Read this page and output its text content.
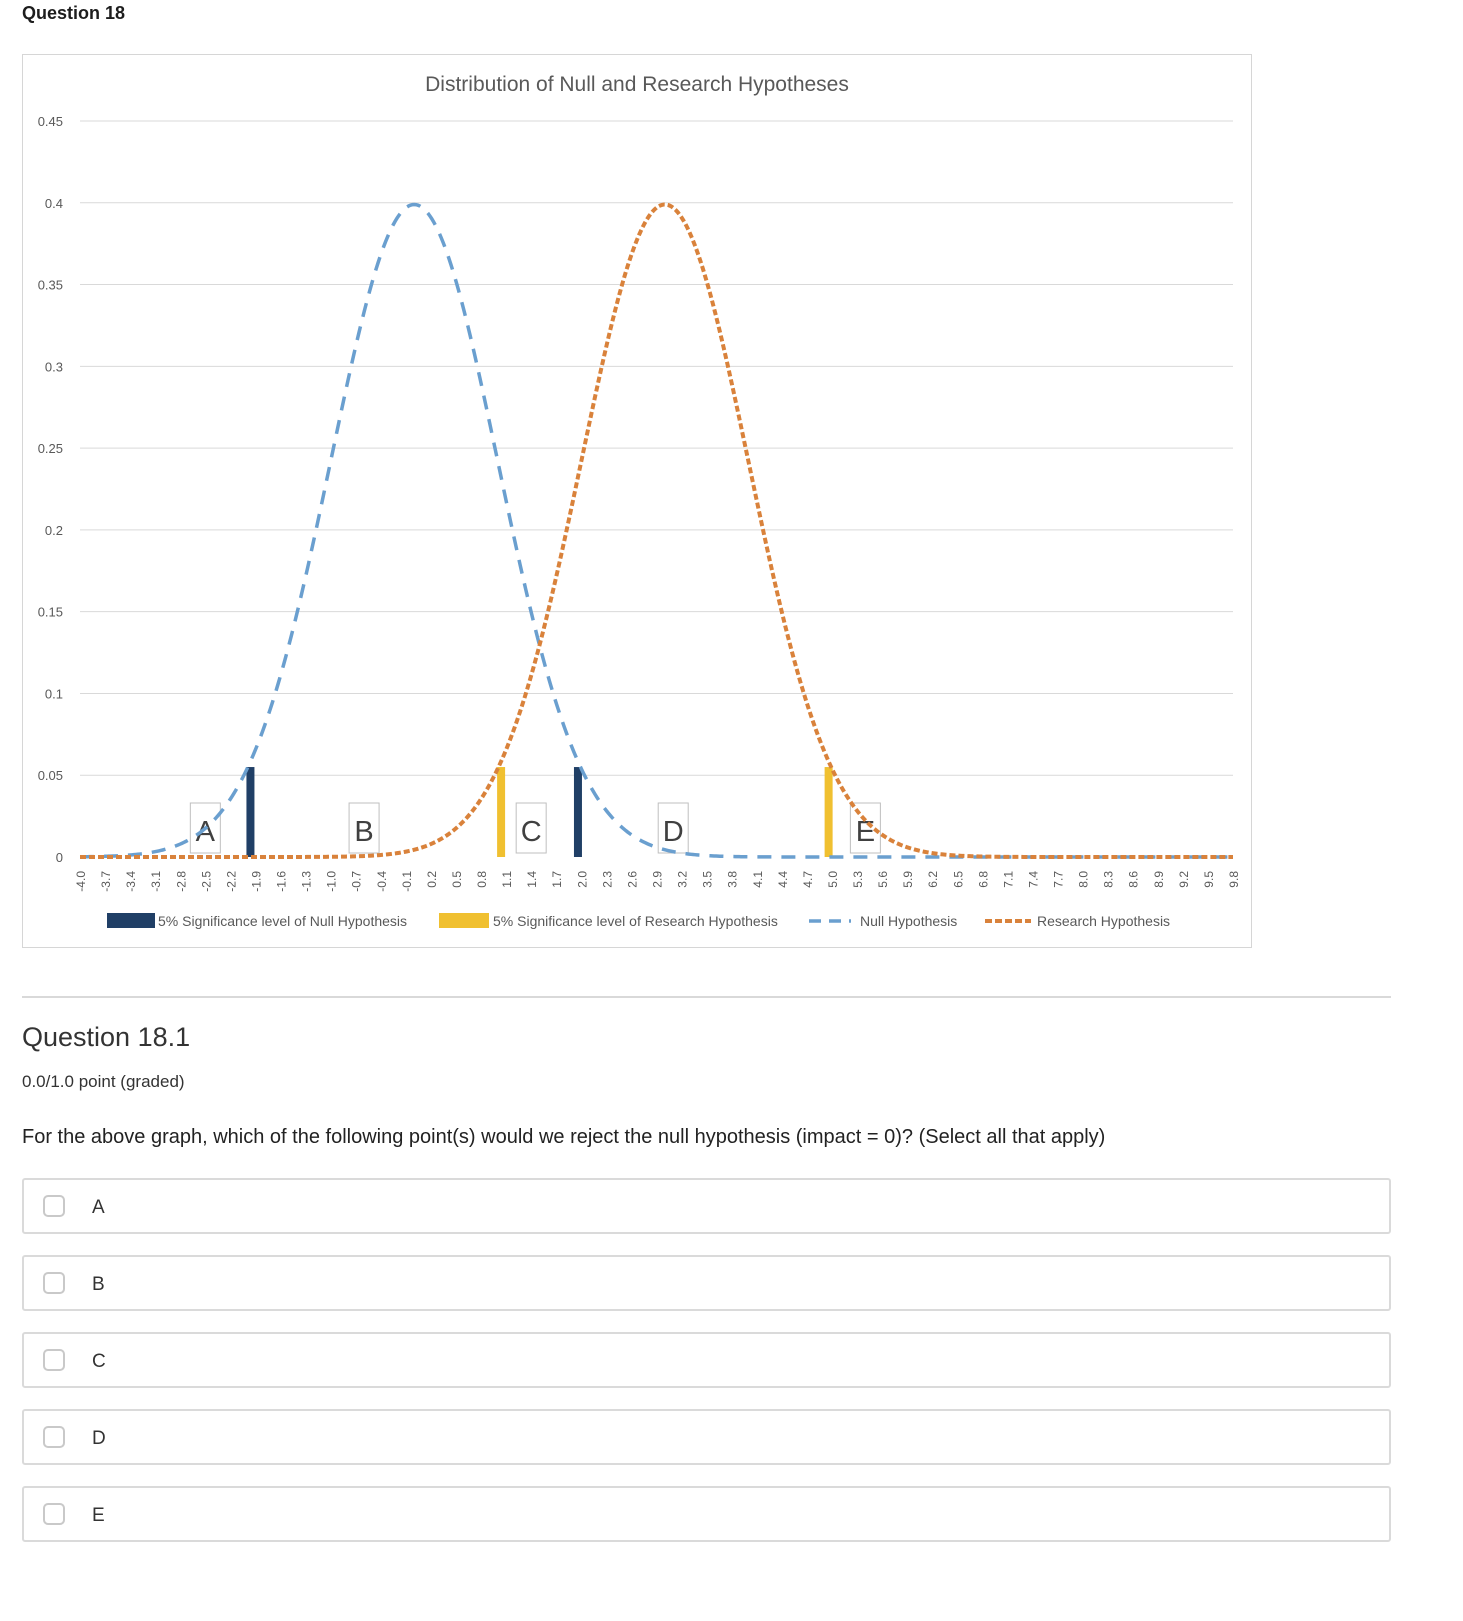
Question 18
Distribution of Null and Research Hypotheses
0
0.05
0.1
0.15
0.2
0.25
0.3
0.35
0.4
0.45
-4.0 -3.7 -3.4 -3.1 -2.8 -2.5 -2.2 -1.9 -1.6 -1.3 -1.0 -0.7 -0.4 -0.1 0.2 0.5 0.8 1.1 1.4 1.7 2.0 2.3 2.6 2.9 3.2 3.5 3.8 4.1 4.4 4.7 5.0 5.3 5.6 5.9 6.2 6.5 6.8 7.1 7.4 7.7 8.0 8.3 8.6 8.9 9.2 9.5 9.8
A	B	C	D	E
5% Significance level of Null Hypothesis	5% Significance level of Research Hypothesis	Null Hypothesis	Research Hypothesis
Question 18.1
0.0/1.0 point (graded)
For the above graph, which of the following point(s) would we reject the null hypothesis (impact = 0)? (Select all that apply)
A
B
C
D
E
